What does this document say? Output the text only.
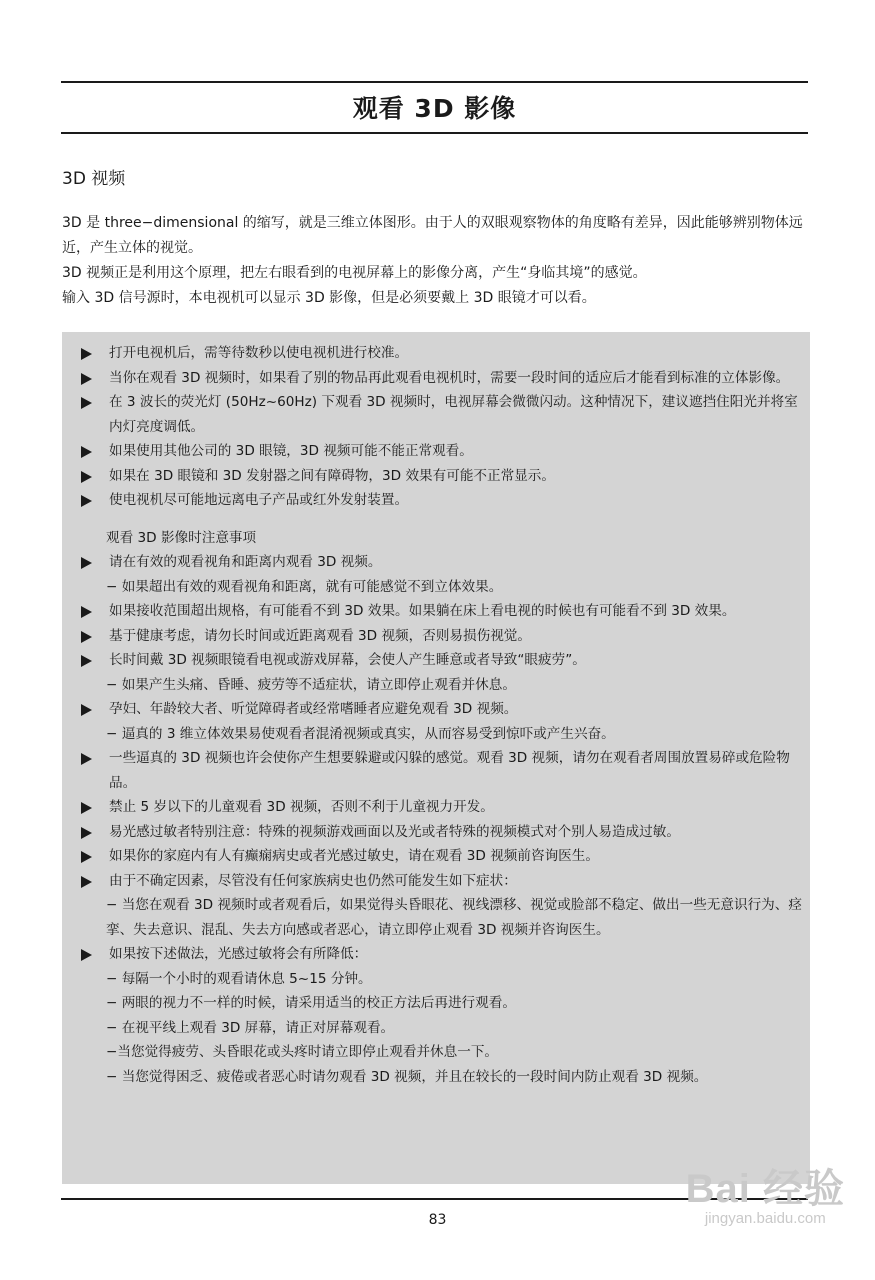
观看 3D 影像
3D 视频

3D 是 three−dimensional 的缩写，就是三维立体图形。由于人的双眼观察物体的角度略有差异，因此能够辨别物体远近，产生立体的视觉。

3D 视频正是利用这个原理，把左右眼看到的电视屏幕上的影像分离，产生“身临其境”的感觉。

输入 3D 信号源时，本电视机可以显示 3D 影像，但是必须要戴上 3D 眼镜才可以看。

打开电视机后，需等待数秒以使电视机进行校准。
当你在观看 3D 视频时，如果看了别的物品再此观看电视机时，需要一段时间的适应后才能看到标准的立体影像。
在 3 波长的荧光灯 (50Hz~60Hz) 下观看 3D 视频时，电视屏幕会微微闪动。这种情况下，建议遮挡住阳光并将室内灯亮度调低。
如果使用其他公司的 3D 眼镜，3D 视频可能不能正常观看。
如果在 3D 眼镜和 3D 发射器之间有障碍物，3D 效果有可能不正常显示。
使电视机尽可能地远离电子产品或红外发射装置。
观看 3D 影像时注意事项
请在有效的观看视角和距离内观看 3D 视频。
− 如果超出有效的观看视角和距离，就有可能感觉不到立体效果。
如果接收范围超出规格，有可能看不到 3D 效果。如果躺在床上看电视的时候也有可能看不到 3D 效果。
基于健康考虑，请勿长时间或近距离观看 3D 视频，否则易损伤视觉。
长时间戴 3D 视频眼镜看电视或游戏屏幕，会使人产生睡意或者导致“眼疲劳”。
− 如果产生头痛、昏睡、疲劳等不适症状，请立即停止观看并休息。
孕妇、年龄较大者、听觉障碍者或经常嗜睡者应避免观看 3D 视频。
− 逼真的 3 维立体效果易使观看者混淆视频或真实，从而容易受到惊吓或产生兴奋。
一些逼真的 3D 视频也许会使你产生想要躲避或闪躲的感觉。观看 3D 视频，请勿在观看者周围放置易碎或危险物品。
禁止 5 岁以下的儿童观看 3D 视频，否则不利于儿童视力开发。
易光感过敏者特别注意：特殊的视频游戏画面以及光或者特殊的视频模式对个别人易造成过敏。
如果你的家庭内有人有癫痫病史或者光感过敏史，请在观看 3D 视频前咨询医生。
由于不确定因素，尽管没有任何家族病史也仍然可能发生如下症状：
− 当您在观看 3D 视频时或者观看后，如果觉得头昏眼花、视线漂移、视觉或脸部不稳定、做出一些无意识行为、痉挛、失去意识、混乱、失去方向感或者恶心，请立即停止观看 3D 视频并咨询医生。
如果按下述做法，光感过敏将会有所降低：
− 每隔一个小时的观看请休息 5~15 分钟。
− 两眼的视力不一样的时候，请采用适当的校正方法后再进行观看。
− 在视平线上观看 3D 屏幕，请正对屏幕观看。
−当您觉得疲劳、头昏眼花或头疼时请立即停止观看并休息一下。
− 当您觉得困乏、疲倦或者恶心时请勿观看 3D 视频，并且在较长的一段时间内防止观看 3D 视频。
83
Bai 经验
jingyan.baidu.com
